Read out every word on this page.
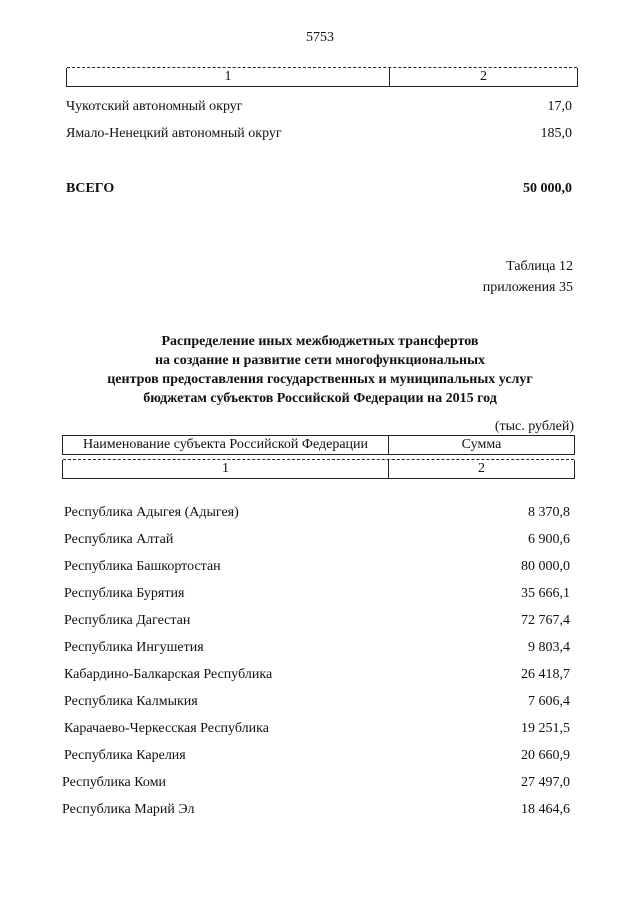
5753
1	2
Чукотский автономный округ	17,0
Ямало-Ненецкий автономный округ	185,0
ВСЕГО	50 000,0
Таблица 12
приложения 35
Распределение иных межбюджетных трансфертов
на создание и развитие сети многофункциональных
центров предоставления государственных и муниципальных услуг
бюджетам субъектов Российской Федерации на 2015 год
(тыс. рублей)
Наименование субъекта Российской Федерации	Сумма
1	2
Республика Адыгея (Адыгея)	8 370,8
Республика Алтай	6 900,6
Республика Башкортостан	80 000,0
Республика Бурятия	35 666,1
Республика Дагестан	72 767,4
Республика Ингушетия	9 803,4
Кабардино-Балкарская Республика	26 418,7
Республика Калмыкия	7 606,4
Карачаево-Черкесская Республика	19 251,5
Республика Карелия	20 660,9
Республика Коми	27 497,0
Республика Марий Эл	18 464,6
